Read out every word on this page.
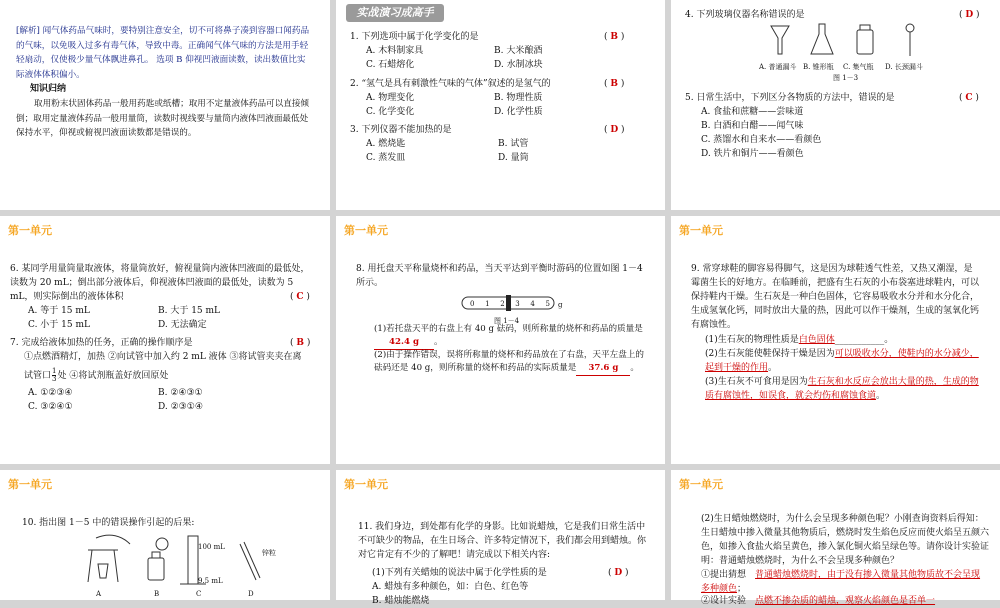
[解析] 闻气体药品气味时，要特别注意安全，切不可将鼻子凑到容器口闻药品的气味，以免吸入过多有毒气体，导致中毒。正确闻气体气味的方法是用手轻轻扇动，仅使极少量气体飘进鼻孔。 选项 B 仰视凹液面读数，读出数值比实际液体体积偏小。
知识归纳
取用粉末状固体药品一般用药匙或纸槽；取用不定量液体药品可以直接倾倒；取用定量液体药品一般用量筒，读数时视线要与量筒内液体凹液面最低处保持水平，仰视或俯视凹液面读数都是错误的。
实战演习成高手
1. 下列选项中属于化学变化的是	( B )
A. 木料制家具	B. 大米酿酒
C. 石蜡熔化	D. 水制冰块
2. “氢气是具有刺激性气味的气体”叙述的是氢气的	( B )
A. 物理变化	B. 物理性质
C. 化学变化	D. 化学性质
3. 下列仪器不能加热的是	( D )
A. 燃烧匙	B. 试管
C. 蒸发皿	D. 量筒
4. 下列玻璃仪器名称错误的是	( D )
A. 普通漏斗 B. 锥形瓶 C. 集气瓶 D. 长颈漏斗
图 1－3
5. 日常生活中，下列区分各物质的方法中，错误的是	( C )
A. 食盐和蔗糖——尝味道
B. 白酒和白醋——闻气味
C. 蒸馏水和自来水——看颜色
D. 铁片和铜片——看颜色
第一单元
6. 某同学用量筒量取液体，将量筒放好，俯视量筒内液体凹液面的最低处，读数为 20 mL；倒出部分液体后，仰视液体凹液面的最低处，读数为 5 mL，则实际倒出的液体体积	( C )
A. 等于 15 mL	B. 大于 15 mL
C. 小于 15 mL	D. 无法确定
7. 完成给液体加热的任务，正确的操作顺序是	( B )
①点燃酒精灯，加热 ②向试管中加入约 2 mL 液体 ③将试管夹夹在离
试管口 $\frac{1}{3}$ 处 ④将试剂瓶盖好放回原处
A. ①②③④	B. ②④③①
C. ③②④①	D. ②③①④
第一单元
8. 用托盘天平称量烧杯和药品，当天平达到平衡时游码的位置如图 1－4 所示。
0 1 2 3 4 5 g
图 1－4
(1)若托盘天平的右盘上有 40 g 砝码，则所称量的烧杯和药品的质量是42.4 g 。
(2)由于操作错误，误将所称量的烧杯和药品放在了右盘，天平左盘上的砝码还是 40 g，则所称量的烧杯和药品的实际质量是 37.6 g 。
第一单元
9. 常穿球鞋的脚容易得脚气，这是因为球鞋透气性差，又热又潮湿，是霉菌生长的好地方。在临睡前，把盛有生石灰的小布袋塞进球鞋内，可以保持鞋内干燥。生石灰是一种白色固体，它容易吸收水分并和水分化合，生成氢氧化钙，同时放出大量的热，因此可以作干燥剂，生成的氢氧化钙有腐蚀性。
(1)生石灰的物理性质是白色固体___________。
(2)生石灰能使鞋保持干燥是因为可以吸收水分，使鞋内的水分减少，起到干燥的作用。
(3)生石灰不可食用是因为生石灰和水反应会放出大量的热，生成的物质有腐蚀性，如误食，就会灼伤和腐蚀食道。
第一单元
10. 指出图 1－5 中的错误操作引起的后果:
100 mL
9.5 mL
锌粒
A	B	C	D
第一单元
11. 我们身边，到处都有化学的身影。比如说蜡烛，它是我们日常生活中不可缺少的物品，在生日场合、许多特定情况下，我们都会用到蜡烛。你对它肯定有不少的了解吧！请完成以下相关内容:
(1)下列有关蜡烛的说法中属于化学性质的是	( D )
A. 蜡烛有多种颜色，如：白色、红色等
B. 蜡烛能燃烧
第一单元
(2)生日蜡烛燃烧时，为什么会呈现多种颜色呢？小刚查询资料后得知：生日蜡烛中掺入微量其他物质后，燃烧时发生焰色反应而使火焰呈五颜六色，如掺入食盐火焰呈黄色，掺入氯化铜火焰呈绿色等。请你设计实验证明：普通蜡烛燃烧时，为什么不会呈现多种颜色？
①提出猜想　 普通蜡烛燃烧时，由于没有掺入微量其他物质故不会呈现多种颜色；
②设计实验　 点燃不掺杂质的蜡烛，观察火焰颜色是否单一
